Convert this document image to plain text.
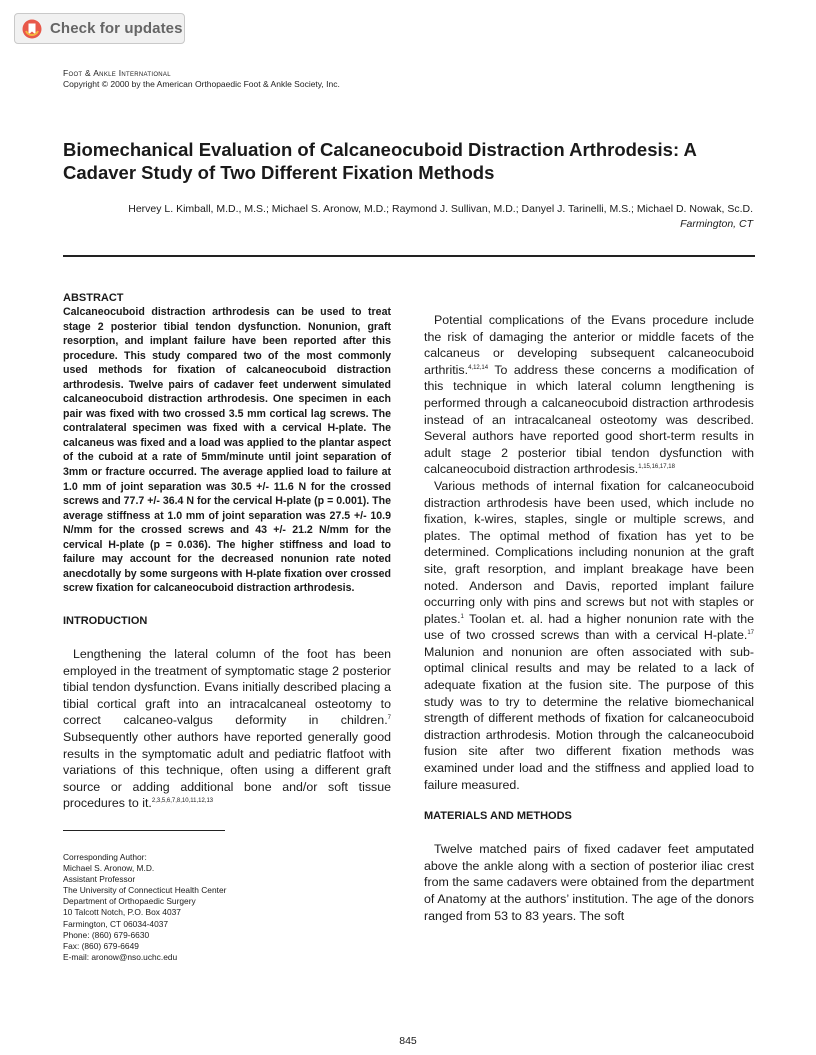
Check for updates
Foot & Ankle International
Copyright © 2000 by the American Orthopaedic Foot & Ankle Society, Inc.
Biomechanical Evaluation of Calcaneocuboid Distraction Arthrodesis: A Cadaver Study of Two Different Fixation Methods
Hervey L. Kimball, M.D., M.S.; Michael S. Aronow, M.D.; Raymond J. Sullivan, M.D.; Danyel J. Tarinelli, M.S.; Michael D. Nowak, Sc.D.
Farmington, CT
ABSTRACT

Calcaneocuboid distraction arthrodesis can be used to treat stage 2 posterior tibial tendon dysfunction. Nonunion, graft resorption, and implant failure have been reported after this procedure. This study compared two of the most commonly used methods for fixation of calcaneocuboid distraction arthrodesis. Twelve pairs of cadaver feet underwent simulated calcaneocuboid distraction arthrodesis. One specimen in each pair was fixed with two crossed 3.5 mm cortical lag screws. The contralateral specimen was fixed with a cervical H-plate. The calcaneus was fixed and a load was applied to the plantar aspect of the cuboid at a rate of 5mm/minute until joint separation of 3mm or fracture occurred. The average applied load to failure at 1.0 mm of joint separation was 30.5 +/- 11.6 N for the crossed screws and 77.7 +/- 36.4 N for the cervical H-plate (p = 0.001). The average stiffness at 1.0 mm of joint separation was 27.5 +/- 10.9 N/mm for the crossed screws and 43 +/- 21.2 N/mm for the cervical H-plate (p = 0.036). The higher stiffness and load to failure may account for the decreased nonunion rate noted anecdotally by some surgeons with H-plate fixation over crossed screw fixation for calcaneocuboid distraction arthrodesis.

INTRODUCTION

Lengthening the lateral column of the foot has been employed in the treatment of symptomatic stage 2 posterior tibial tendon dysfunction. Evans initially described placing a tibial cortical graft into an intracalcaneal osteotomy to correct calcaneo-valgus deformity in children.$^7$ Subsequently other authors have reported generally good results in the symptomatic adult and pediatric flatfoot with variations of this technique, often using a different graft source or adding additional bone and/or soft tissue procedures to it.$^{2,3,5,6,7,8,10,11,12,13}$

Corresponding Author:
Michael S. Aronow, M.D.
Assistant Professor
The University of Connecticut Health Center
Department of Orthopaedic Surgery
10 Talcott Notch, P.O. Box 4037
Farmington, CT 06034-4037
Phone: (860) 679-6630
Fax: (860) 679-6649
E-mail: aronow@nso.uchc.edu

Potential complications of the Evans procedure include the risk of damaging the anterior or middle facets of the calcaneus or developing subsequent calcaneocuboid arthritis.$^{4,12,14}$ To address these concerns a modification of this technique in which lateral column lengthening is performed through a calcaneocuboid distraction arthrodesis instead of an intracalcaneal osteotomy was described. Several authors have reported good short-term results in adult stage 2 posterior tibial tendon dysfunction with calcaneocuboid distraction arthrodesis.$^{1,15,16,17,18}$

Various methods of internal fixation for calcaneocuboid distraction arthrodesis have been used, which include no fixation, k-wires, staples, single or multiple screws, and plates. The optimal method of fixation has yet to be determined. Complications including nonunion at the graft site, graft resorption, and implant breakage have been noted. Anderson and Davis, reported implant failure occurring only with pins and screws but not with staples or plates.$^1$ Toolan et. al. had a higher nonunion rate with the use of two crossed screws than with a cervical H-plate.$^{17}$ Malunion and nonunion are often associated with sub-optimal clinical results and may be related to a lack of adequate fixation at the fusion site. The purpose of this study was to try to determine the relative biomechanical strength of different methods of fixation for calcaneocuboid distraction arthrodesis. Motion through the calcaneocuboid fusion site after two different fixation methods was examined under load and the stiffness and applied load to failure measured.

MATERIALS AND METHODS

Twelve matched pairs of fixed cadaver feet amputated above the ankle along with a section of posterior iliac crest from the same cadavers were obtained from the department of Anatomy at the authors’ institution. The age of the donors ranged from 53 to 83 years. The soft

845
